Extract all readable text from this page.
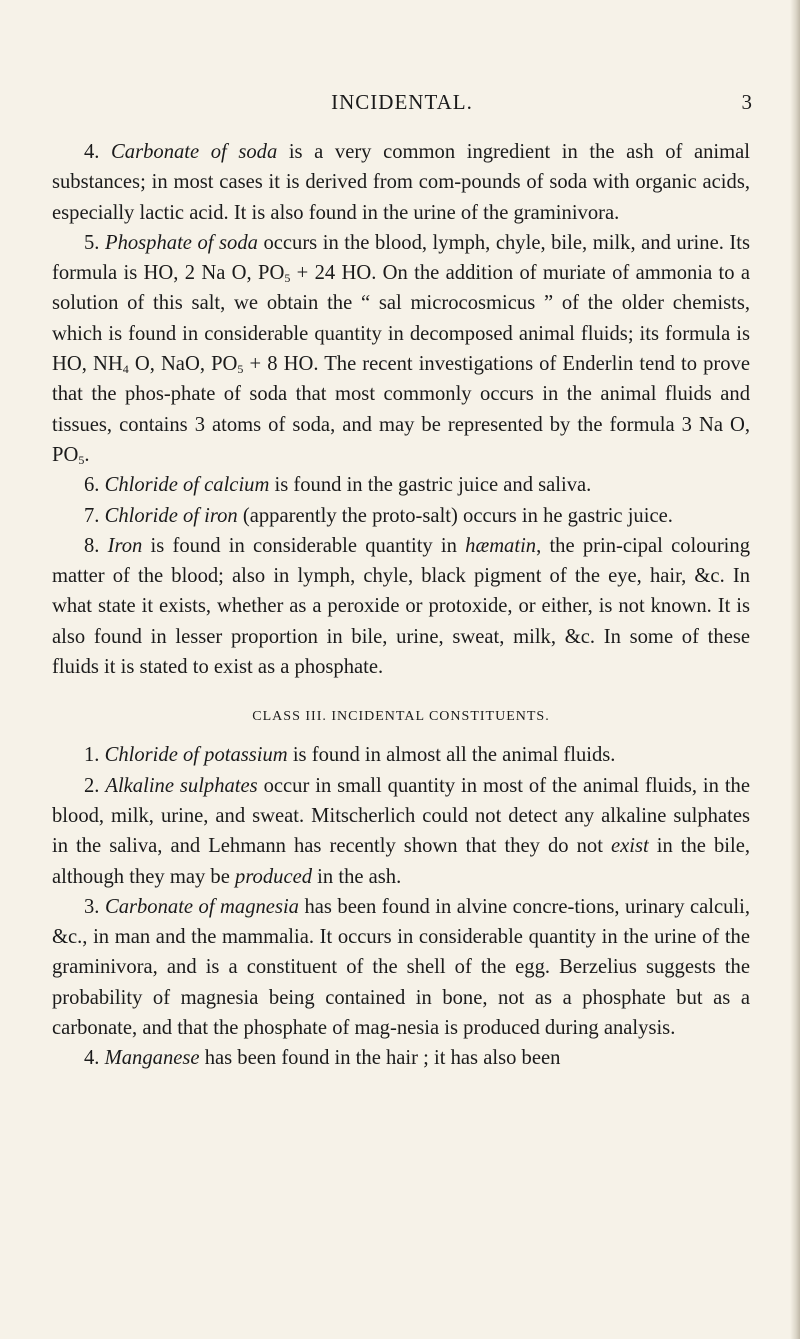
INCIDENTAL.	3

4. Carbonate of soda is a very common ingredient in the ash of animal substances; in most cases it is derived from com-pounds of soda with organic acids, especially lactic acid. It is also found in the urine of the graminivora.

5. Phosphate of soda occurs in the blood, lymph, chyle, bile, milk, and urine. Its formula is HO, 2 Na O, $PO_5 + 24$ HO. On the addition of muriate of ammonia to a solution of this salt, we obtain the “ sal microcosmicus ” of the older chemists, which is found in considerable quantity in decomposed animal fluids; its formula is HO, $NH_4$ O, NaO, $PO_5 + 8$ HO. The recent investigations of Enderlin tend to prove that the phos-phate of soda that most commonly occurs in the animal fluids and tissues, contains 3 atoms of soda, and may be represented by the formula 3 Na O, $PO_5$.

6. Chloride of calcium is found in the gastric juice and saliva.

7. Chloride of iron (apparently the proto-salt) occurs in he gastric juice.

8. Iron is found in considerable quantity in hæmatin, the prin-cipal colouring matter of the blood; also in lymph, chyle, black pigment of the eye, hair, &c. In what state it exists, whether as a peroxide or protoxide, or either, is not known. It is also found in lesser proportion in bile, urine, sweat, milk, &c. In some of these fluids it is stated to exist as a phosphate.

CLASS III. INCIDENTAL CONSTITUENTS.

1. Chloride of potassium is found in almost all the animal fluids.

2. Alkaline sulphates occur in small quantity in most of the animal fluids, in the blood, milk, urine, and sweat. Mitscherlich could not detect any alkaline sulphates in the saliva, and Lehmann has recently shown that they do not exist in the bile, although they may be produced in the ash.

3. Carbonate of magnesia has been found in alvine concre-tions, urinary calculi, &c., in man and the mammalia. It occurs in considerable quantity in the urine of the graminivora, and is a constituent of the shell of the egg. Berzelius suggests the probability of magnesia being contained in bone, not as a phosphate but as a carbonate, and that the phosphate of mag-nesia is produced during analysis.

4. Manganese has been found in the hair ; it has also been
